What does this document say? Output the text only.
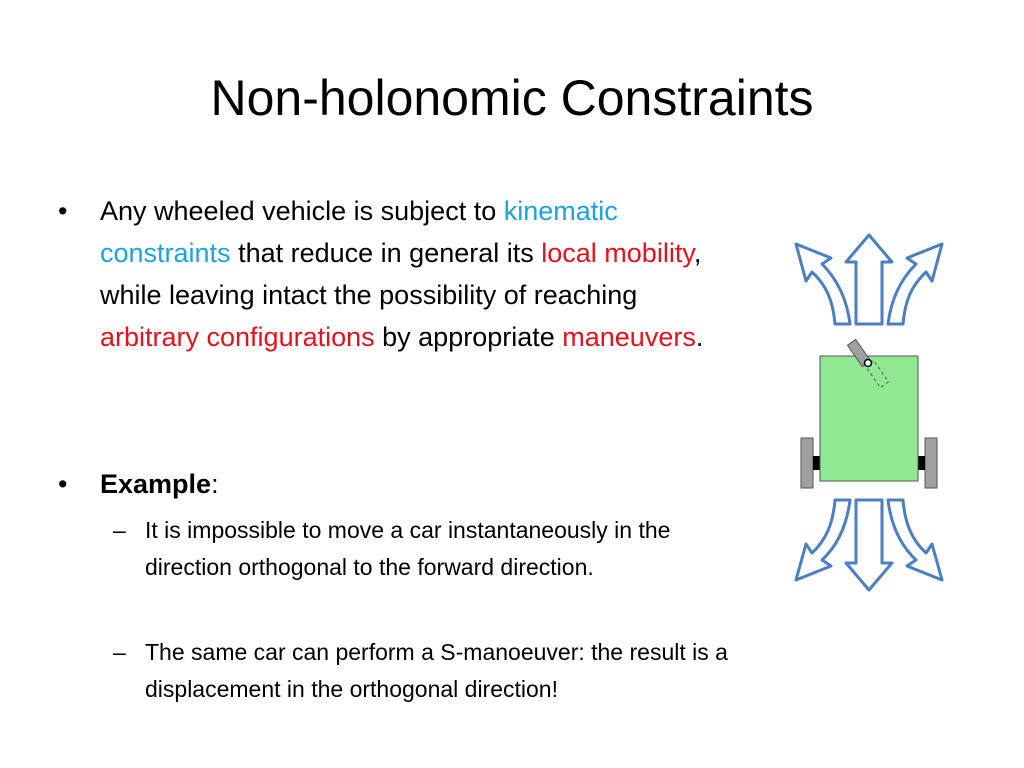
Non-holonomic Constraints
• Any wheeled vehicle is subject to kinematic constraints that reduce in general its local mobility, while leaving intact the possibility of reaching arbitrary configurations by appropriate maneuvers.
• Example:
– It is impossible to move a car instantaneously in the direction orthogonal to the forward direction.
– The same car can perform a S-manoeuver: the result is a displacement in the orthogonal direction!
